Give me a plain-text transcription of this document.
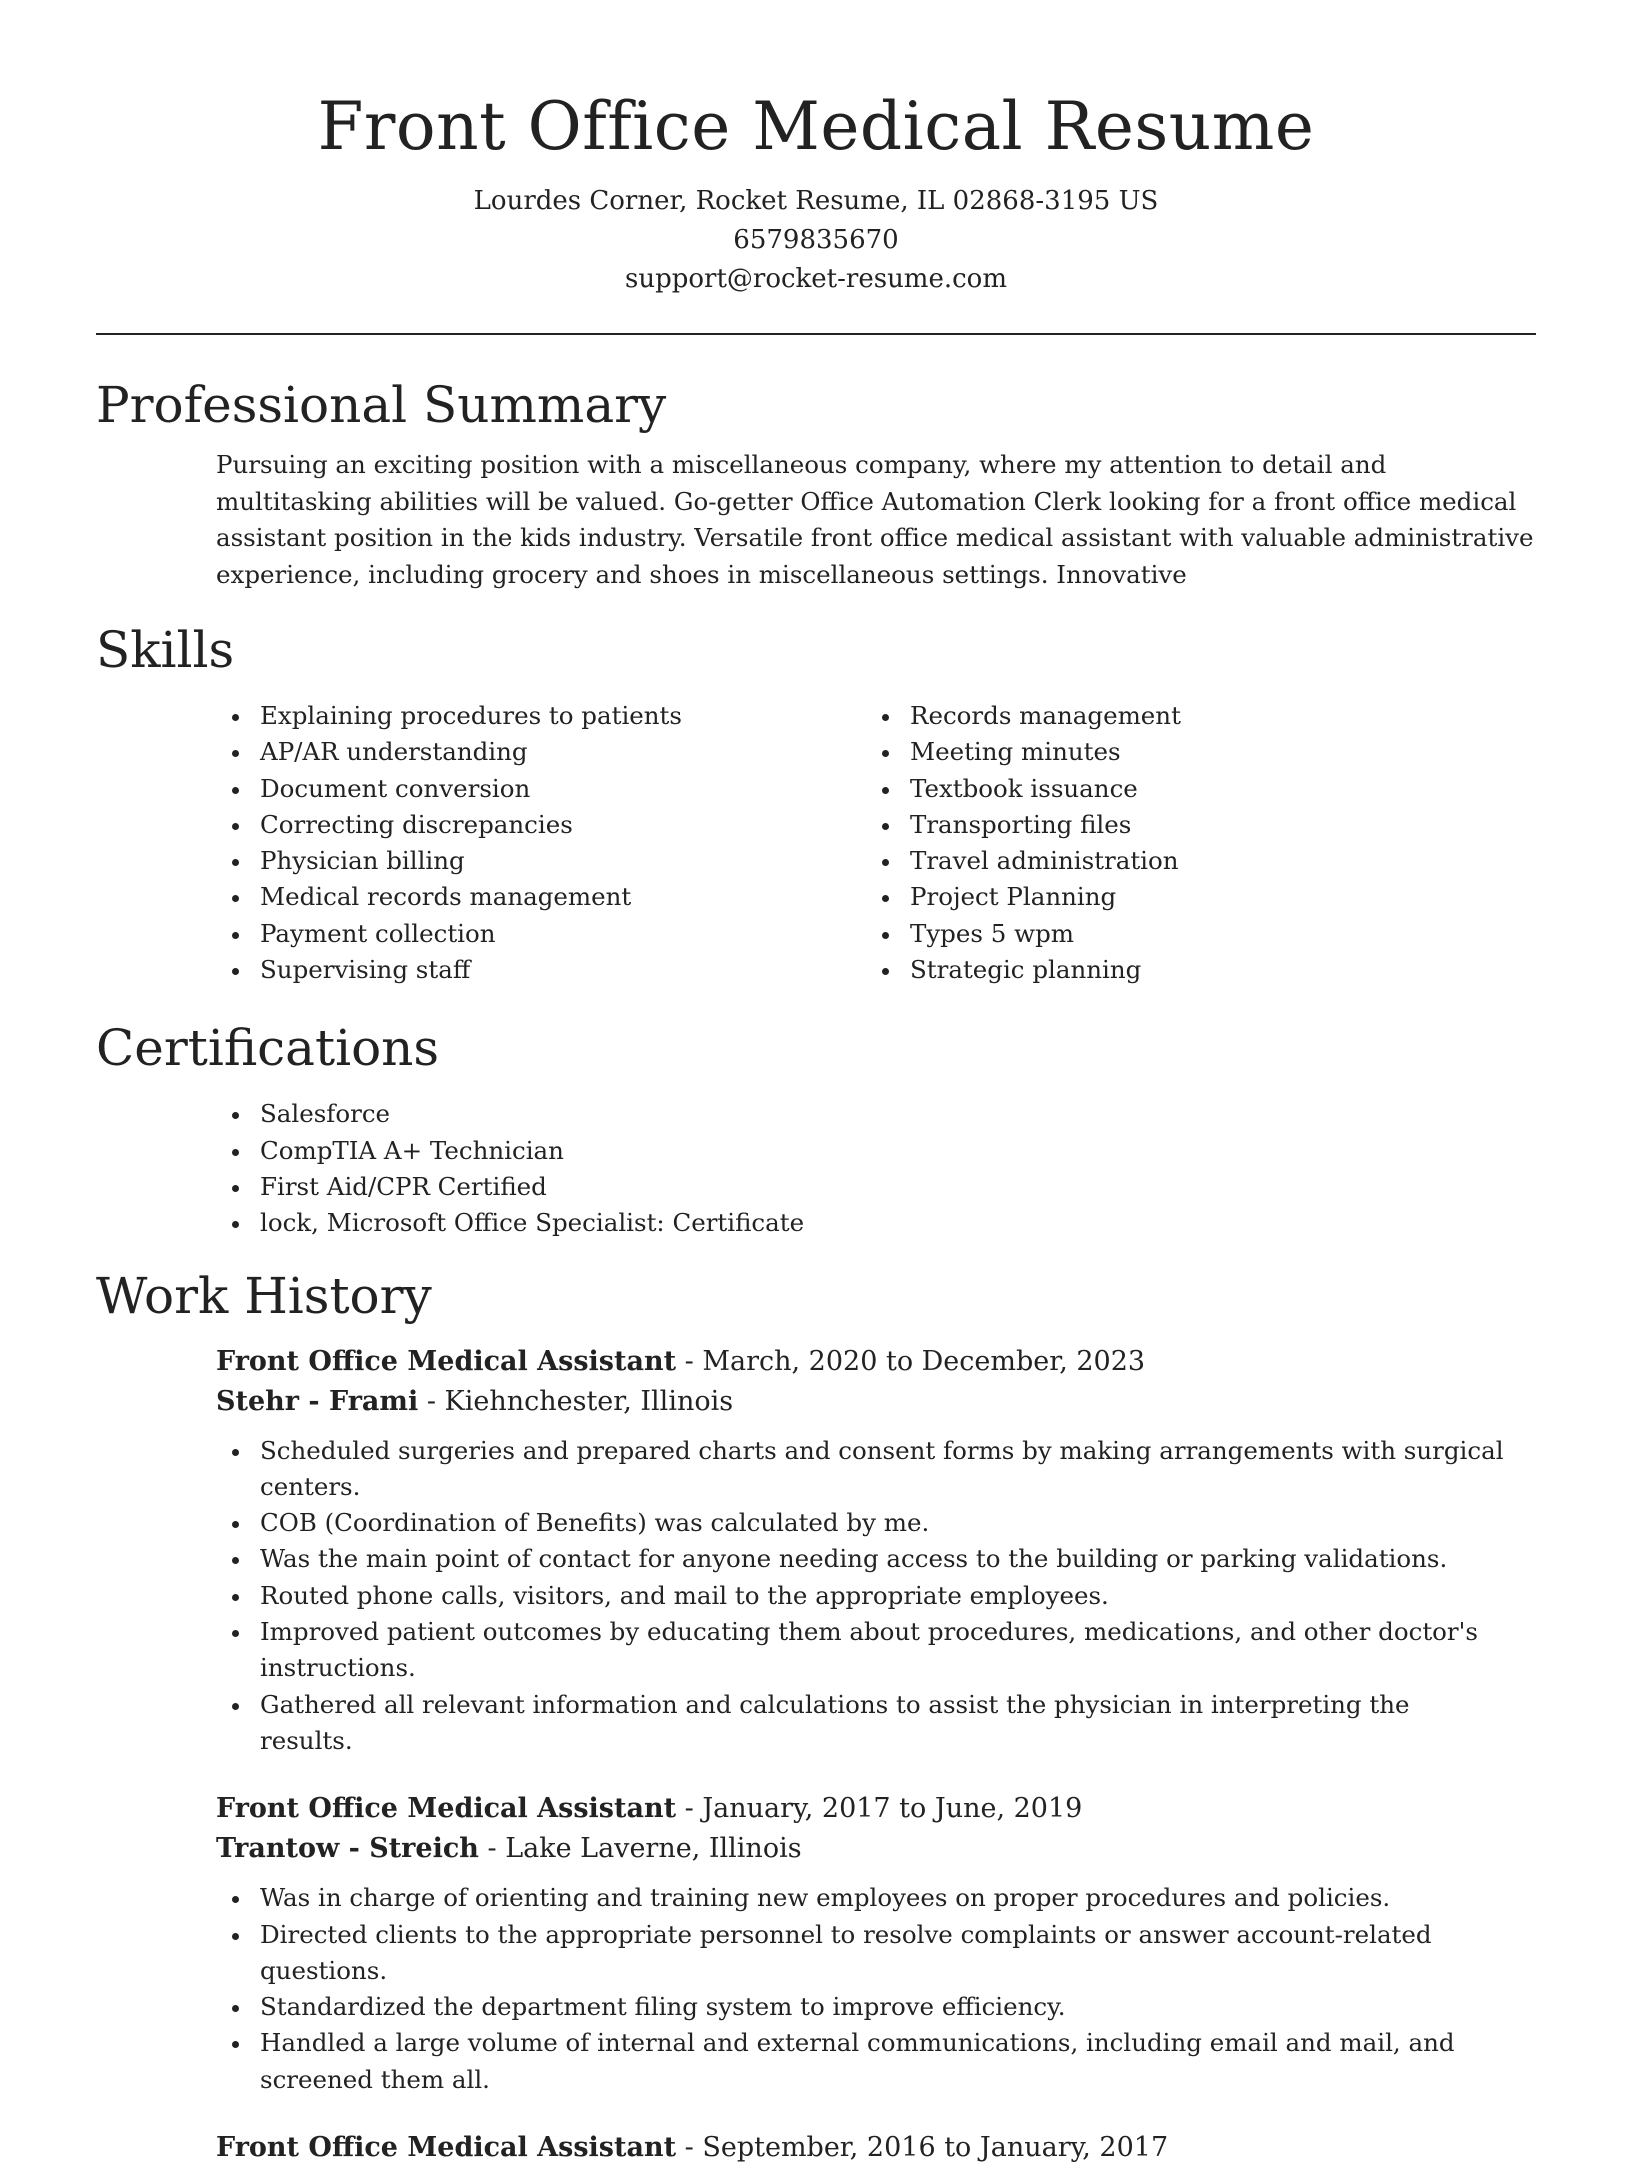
Front Office Medical Resume

Lourdes Corner, Rocket Resume, IL 02868-3195 US

6579835670

support@rocket-resume.com

Professional Summary

Pursuing an exciting position with a miscellaneous company, where my attention to detail and multitasking abilities will be valued. Go-getter Office Automation Clerk looking for a front office medical assistant position in the kids industry. Versatile front office medical assistant with valuable administrative experience, including grocery and shoes in miscellaneous settings. Innovative

Skills
Explaining procedures to patients
AP/AR understanding
Document conversion
Correcting discrepancies
Physician billing
Medical records management
Payment collection
Supervising staff
Records management
Meeting minutes
Textbook issuance
Transporting files
Travel administration
Project Planning
Types 5 wpm
Strategic planning
Certifications
Salesforce
CompTIA A+ Technician
First Aid/CPR Certified
lock, Microsoft Office Specialist: Certificate
Work History

Front Office Medical Assistant - March, 2020 to December, 2023

Stehr - Frami - Kiehnchester, Illinois

Scheduled surgeries and prepared charts and consent forms by making arrangements with surgical centers.
COB (Coordination of Benefits) was calculated by me.
Was the main point of contact for anyone needing access to the building or parking validations.
Routed phone calls, visitors, and mail to the appropriate employees.
Improved patient outcomes by educating them about procedures, medications, and other doctor's instructions.
Gathered all relevant information and calculations to assist the physician in interpreting the results.

Front Office Medical Assistant - January, 2017 to June, 2019

Trantow - Streich - Lake Laverne, Illinois

Was in charge of orienting and training new employees on proper procedures and policies.
Directed clients to the appropriate personnel to resolve complaints or answer account-related questions.
Standardized the department filing system to improve efficiency.
Handled a large volume of internal and external communications, including email and mail, and screened them all.

Front Office Medical Assistant - September, 2016 to January, 2017
